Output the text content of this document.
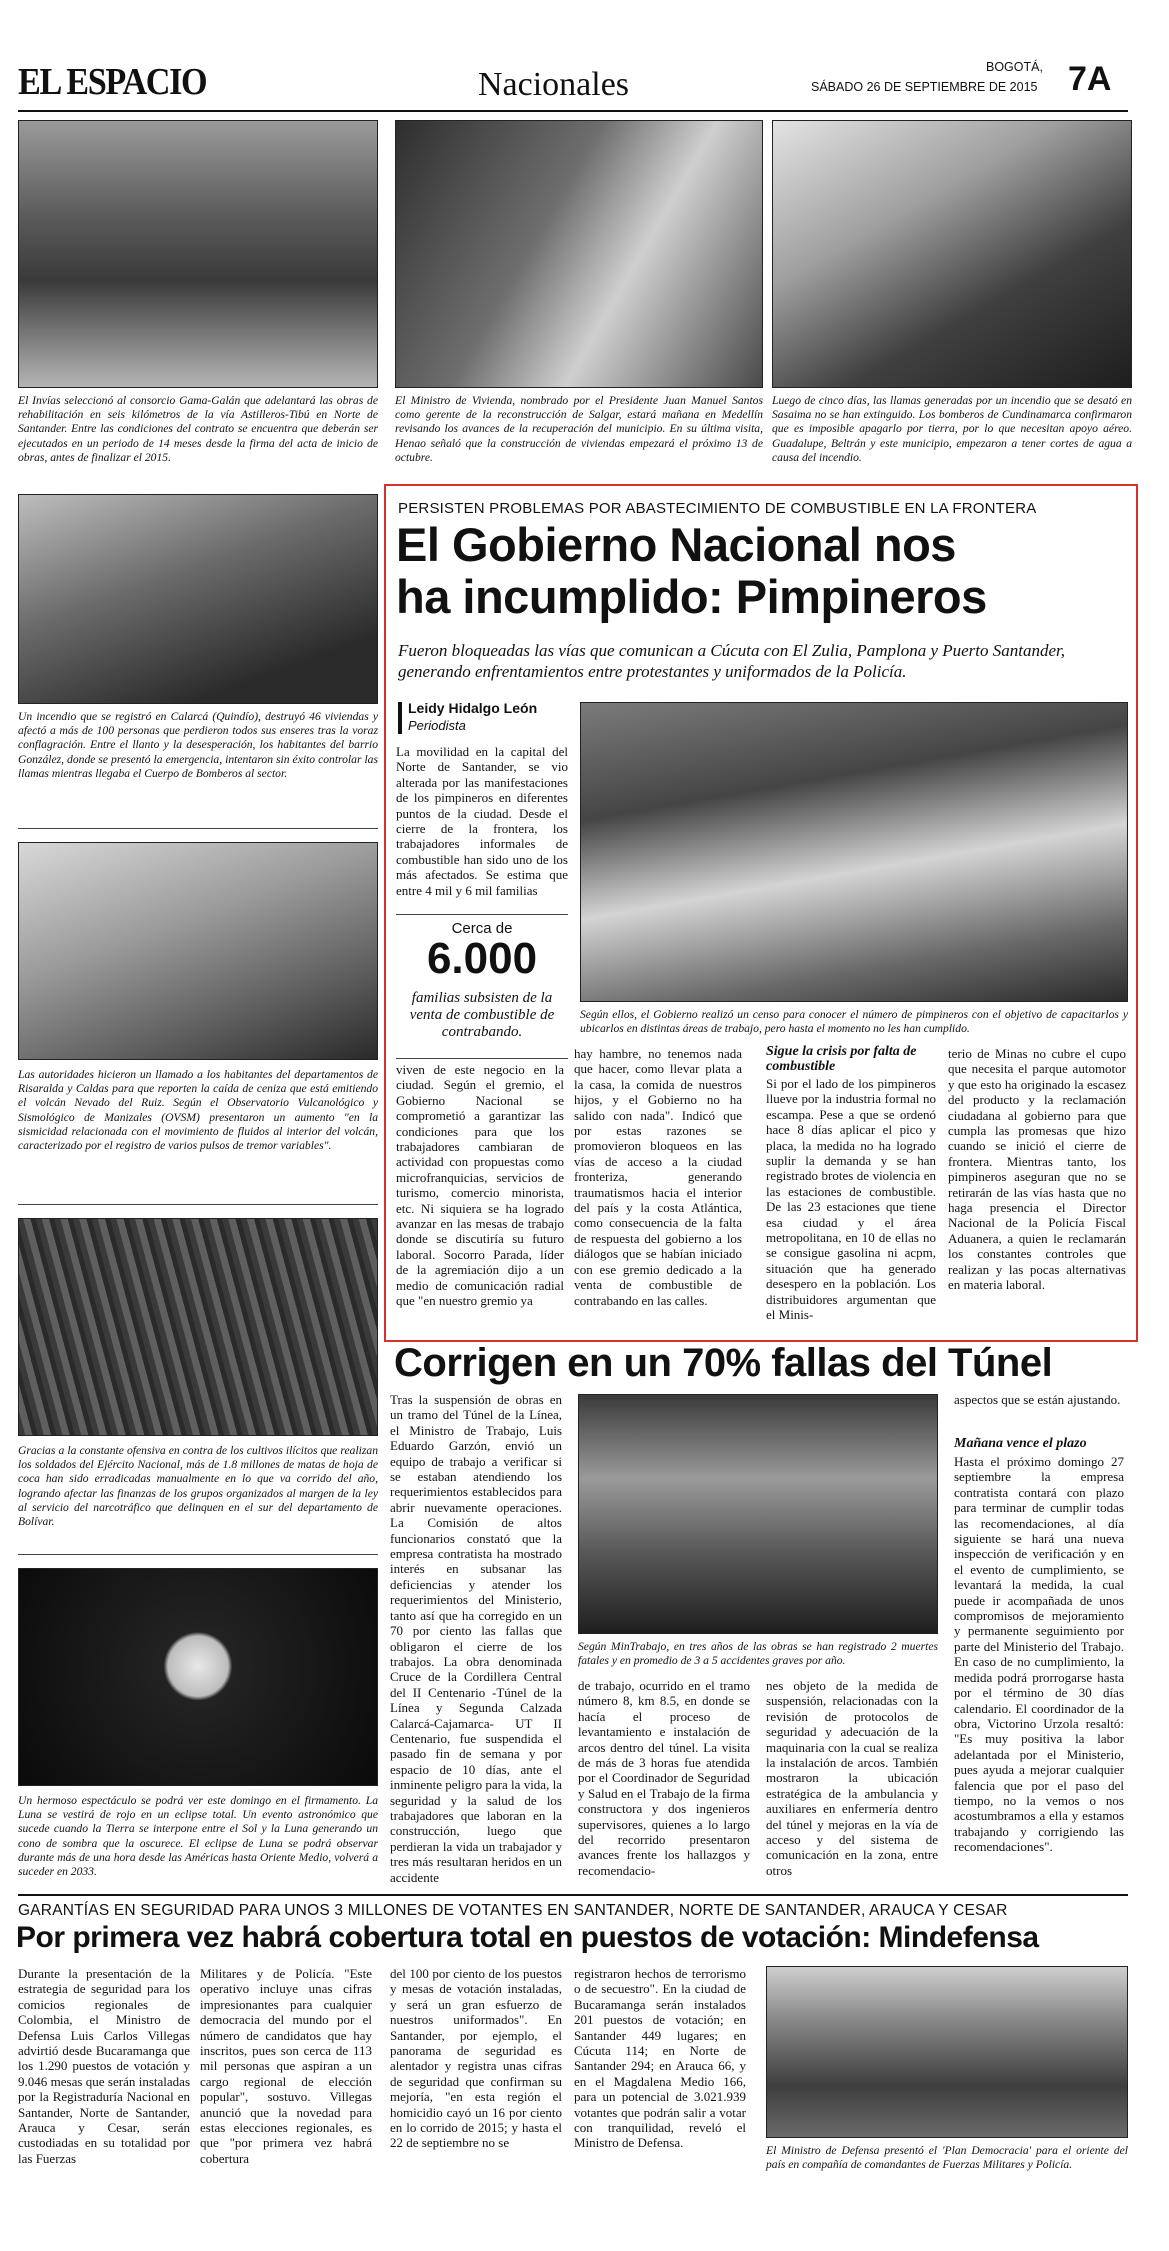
EL ESPACIO	Nacionales	BOGOTÁ,
SÁBADO 26 DE SEPTIEMBRE DE 2015 7A
El Invías seleccionó al consorcio Gama-Galán que adelantará las obras de rehabilitación en seis kilómetros de la vía Astilleros-Tibú en Norte de Santander. Entre las condiciones del contrato se encuentra que deberán ser ejecutados en un periodo de 14 meses desde la firma del acta de inicio de obras, antes de finalizar el 2015.
El Ministro de Vivienda, nombrado por el Presidente Juan Manuel Santos como gerente de la reconstrucción de Salgar, estará mañana en Medellín revisando los avances de la recuperación del municipio. En su última visita, Henao señaló que la construcción de viviendas empezará el próximo 13 de octubre.
Luego de cinco días, las llamas generadas por un incendio que se desató en Sasaima no se han extinguido. Los bomberos de Cundinamarca confirmaron que es imposible apagarlo por tierra, por lo que necesitan apoyo aéreo. Guadalupe, Beltrán y este municipio, empezaron a tener cortes de agua a causa del incendio.
Un incendio que se registró en Calarcá (Quindío), destruyó 46 viviendas y afectó a más de 100 personas que perdieron todos sus enseres tras la voraz conflagración. Entre el llanto y la desesperación, los habitantes del barrio González, donde se presentó la emergencia, intentaron sin éxito controlar las llamas mientras llegaba el Cuerpo de Bomberos al sector.
Las autoridades hicieron un llamado a los habitantes del departamentos de Risaralda y Caldas para que reporten la caída de ceniza que está emitiendo el volcán Nevado del Ruiz. Según el Observatorio Vulcanológico y Sismológico de Manizales (OVSM) presentaron un aumento "en la sismicidad relacionada con el movimiento de fluidos al interior del volcán, caracterizado por el registro de varios pulsos de tremor variables".
Gracias a la constante ofensiva en contra de los cultivos ilícitos que realizan los soldados del Ejército Nacional, más de 1.8 millones de matas de hoja de coca han sido erradicadas manualmente en lo que va corrido del año, logrando afectar las finanzas de los grupos organizados al margen de la ley al servicio del narcotráfico que delinquen en el sur del departamento de Bolívar.
Un hermoso espectáculo se podrá ver este domingo en el firmamento. La Luna se vestirá de rojo en un eclipse total. Un evento astronómico que sucede cuando la Tierra se interpone entre el Sol y la Luna generando un cono de sombra que la oscurece. El eclipse de Luna se podrá observar durante más de una hora desde las Américas hasta Oriente Medio, volverá a suceder en 2033.
PERSISTEN PROBLEMAS POR ABASTECIMIENTO DE COMBUSTIBLE EN LA FRONTERA
El Gobierno Nacional nos
ha incumplido: Pimpineros
Fueron bloqueadas las vías que comunican a Cúcuta con El Zulia, Pamplona y Puerto Santander, generando enfrentamientos entre protestantes y uniformados de la Policía.
Leidy Hidalgo León
Periodista
La movilidad en la capital del Norte de Santander, se vio alterada por las manifestaciones de los pimpineros en diferentes puntos de la ciudad. Desde el cierre de la frontera, los trabajadores informales de combustible han sido uno de los más afectados. Se estima que entre 4 mil y 6 mil familias
Cerca de
6.000
familias subsisten de la venta de combustible de contrabando.
Según ellos, el Gobierno realizó un censo para conocer el número de pimpineros con el objetivo de capacitarlos y ubicarlos en distintas áreas de trabajo, pero hasta el momento no les han cumplido.
viven de este negocio en la ciudad. Según el gremio, el Gobierno Nacional se comprometió a garantizar las condiciones para que los trabajadores cambiaran de actividad con propuestas como microfranquicias, servicios de turismo, comercio minorista, etc. Ni siquiera se ha logrado avanzar en las mesas de trabajo donde se discutiría su futuro laboral. Socorro Parada, líder de la agremiación dijo a un medio de comunicación radial que "en nuestro gremio ya
hay hambre, no tenemos nada que hacer, como llevar plata a la casa, la comida de nuestros hijos, y el Gobierno no ha salido con nada". Indicó que por estas razones se promovieron bloqueos en las vías de acceso a la ciudad fronteriza, generando traumatismos hacia el interior del país y la costa Atlántica, como consecuencia de la falta de respuesta del gobierno a los diálogos que se habían iniciado con ese gremio dedicado a la venta de combustible de contrabando en las calles.
Sigue la crisis por falta de combustible
Si por el lado de los pimpineros llueve por la industria formal no escampa. Pese a que se ordenó hace 8 días aplicar el pico y placa, la medida no ha logrado suplir la demanda y se han registrado brotes de violencia en las estaciones de combustible. De las 23 estaciones que tiene esa ciudad y el área metropolitana, en 10 de ellas no se consigue gasolina ni acpm, situación que ha generado desespero en la población. Los distribuidores argumentan que el Minis-
terio de Minas no cubre el cupo que necesita el parque automotor y que esto ha originado la escasez del producto y la reclamación ciudadana al gobierno para que cumpla las promesas que hizo cuando se inició el cierre de frontera. Mientras tanto, los pimpineros aseguran que no se retirarán de las vías hasta que no haga presencia el Director Nacional de la Policía Fiscal Aduanera, a quien le reclamarán los constantes controles que realizan y las pocas alternativas en materia laboral.
Corrigen en un 70% fallas del Túnel
Tras la suspensión de obras en un tramo del Túnel de la Línea, el Ministro de Trabajo, Luis Eduardo Garzón, envió un equipo de trabajo a verificar si se estaban atendiendo los requerimientos establecidos para abrir nuevamente operaciones. La Comisión de altos funcionarios constató que la empresa contratista ha mostrado interés en subsanar las deficiencias y atender los requerimientos del Ministerio, tanto así que ha corregido en un 70 por ciento las fallas que obligaron el cierre de los trabajos. La obra denominada Cruce de la Cordillera Central del II Centenario -Túnel de la Línea y Segunda Calzada Calarcá-Cajamarca- UT II Centenario, fue suspendida el pasado fin de semana y por espacio de 10 días, ante el inminente peligro para la vida, la seguridad y la salud de los trabajadores que laboran en la construcción, luego que perdieran la vida un trabajador y tres más resultaran heridos en un accidente
Según MinTrabajo, en tres años de las obras se han registrado 2 muertes fatales y en promedio de 3 a 5 accidentes graves por año.
de trabajo, ocurrido en el tramo número 8, km 8.5, en donde se hacía el proceso de levantamiento e instalación de arcos dentro del túnel. La visita de más de 3 horas fue atendida por el Coordinador de Seguridad y Salud en el Trabajo de la firma constructora y dos ingenieros supervisores, quienes a lo largo del recorrido presentaron avances frente los hallazgos y recomendacio-
nes objeto de la medida de suspensión, relacionadas con la revisión de protocolos de seguridad y adecuación de la maquinaria con la cual se realiza la instalación de arcos. También mostraron la ubicación estratégica de la ambulancia y auxiliares en enfermería dentro del túnel y mejoras en la vía de acceso y del sistema de comunicación en la zona, entre otros
aspectos que se están ajustando.
Mañana vence el plazo
Hasta el próximo domingo 27 septiembre la empresa contratista contará con plazo para terminar de cumplir todas las recomendaciones, al día siguiente se hará una nueva inspección de verificación y en el evento de cumplimiento, se levantará la medida, la cual puede ir acompañada de unos compromisos de mejoramiento y permanente seguimiento por parte del Ministerio del Trabajo. En caso de no cumplimiento, la medida podrá prorrogarse hasta por el término de 30 días calendario. El coordinador de la obra, Victorino Urzola resaltó: "Es muy positiva la labor adelantada por el Ministerio, pues ayuda a mejorar cualquier falencia que por el paso del tiempo, no la vemos o nos acostumbramos a ella y estamos trabajando y corrigiendo las recomendaciones".
GARANTÍAS EN SEGURIDAD PARA UNOS 3 MILLONES DE VOTANTES EN SANTANDER, NORTE DE SANTANDER, ARAUCA Y CESAR
Por primera vez habrá cobertura total en puestos de votación: Mindefensa
Durante la presentación de la estrategia de seguridad para los comicios regionales de Colombia, el Ministro de Defensa Luis Carlos Villegas advirtió desde Bucaramanga que los 1.290 puestos de votación y 9.046 mesas que serán instaladas por la Registraduría Nacional en Santander, Norte de Santander, Arauca y Cesar, serán custodiadas en su totalidad por las Fuerzas
Militares y de Policía. "Este operativo incluye unas cifras impresionantes para cualquier democracia del mundo por el número de candidatos que hay inscritos, pues son cerca de 113 mil personas que aspiran a un cargo regional de elección popular", sostuvo. Villegas anunció que la novedad para estas elecciones regionales, es que "por primera vez habrá cobertura
del 100 por ciento de los puestos y mesas de votación instaladas, y será un gran esfuerzo de nuestros uniformados". En Santander, por ejemplo, el panorama de seguridad es alentador y registra unas cifras de seguridad que confirman su mejoría, "en esta región el homicidio cayó un 16 por ciento en lo corrido de 2015; y hasta el 22 de septiembre no se
registraron hechos de terrorismo o de secuestro". En la ciudad de Bucaramanga serán instalados 201 puestos de votación; en Santander 449 lugares; en Cúcuta 114; en Norte de Santander 294; en Arauca 66, y en el Magdalena Medio 166, para un potencial de 3.021.939 votantes que podrán salir a votar con tranquilidad, reveló el Ministro de Defensa.
El Ministro de Defensa presentó el 'Plan Democracia' para el oriente del país en compañía de comandantes de Fuerzas Militares y Policía.
